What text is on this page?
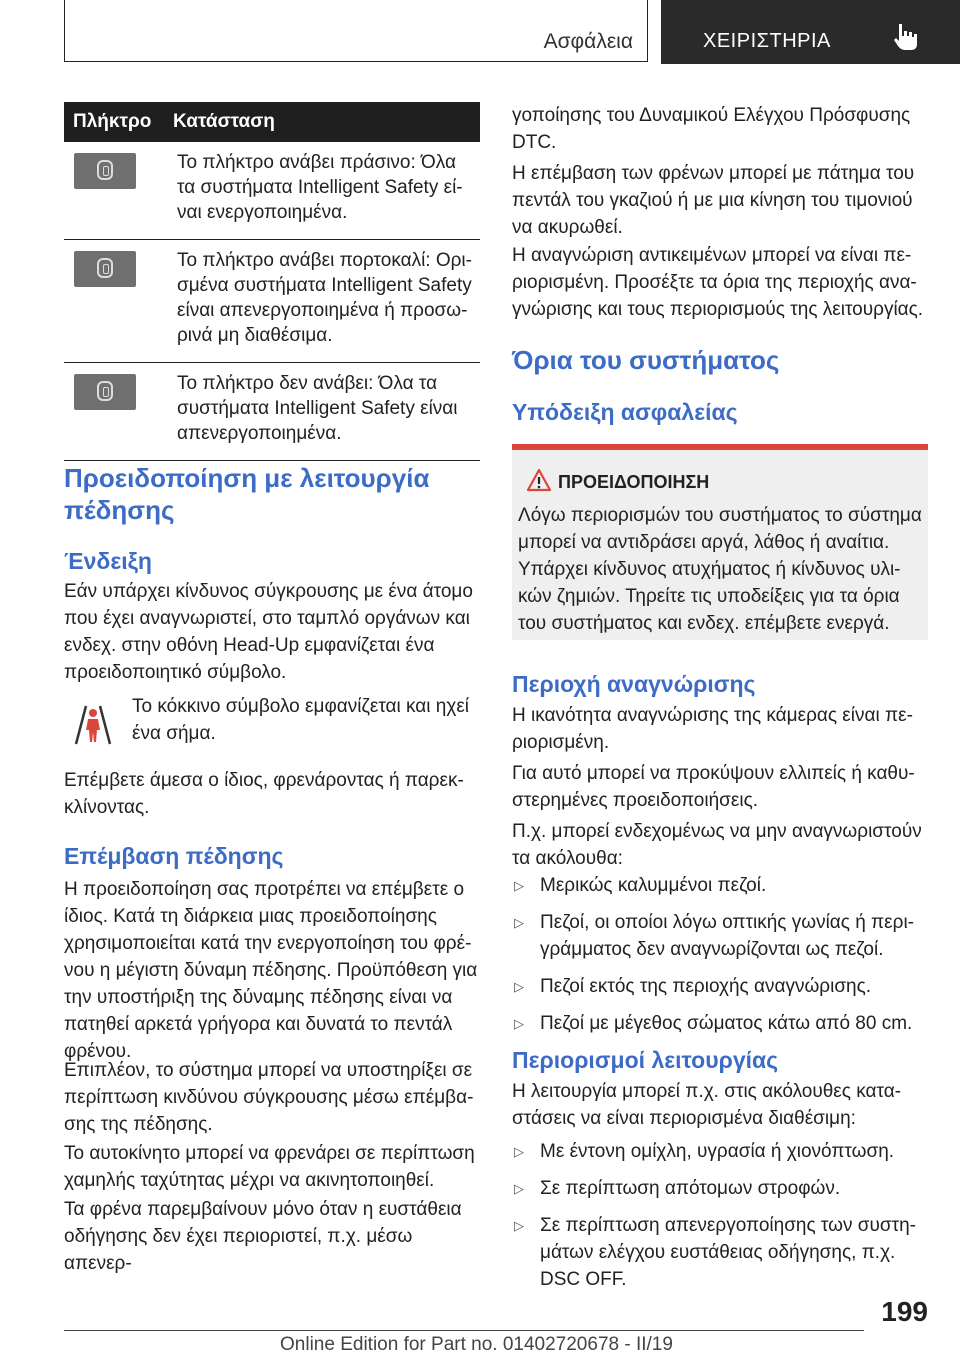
Ασφάλεια	ΧΕΙΡΙΣΤΗΡΙΑ
Πλήκτρο	Κατάσταση

	Το πλήκτρο ανάβει πράσινο: Όλα τα συστήματα Intelligent Safety εί-ναι ενεργοποιημένα.

	Το πλήκτρο ανάβει πορτοκαλί: Ορι-σμένα συστήματα Intelligent Safety είναι απενεργοποιημένα ή προσω-ρινά μη διαθέσιμα.

	Το πλήκτρο δεν ανάβει: Όλα τα συστήματα Intelligent Safety είναι απενεργοποιημένα.
Προειδοποίηση με λειτουργία πέδησης
Ένδειξη

Εάν υπάρχει κίνδυνος σύγκρουσης με ένα άτομο που έχει αναγνωριστεί, στο ταμπλό οργάνων και ενδεχ. στην οθόνη Head-Up εμφανίζεται ένα προειδοποιητικό σύμβολο.

Το κόκκινο σύμβολο εμφανίζεται και ηχεί ένα σήμα.

Επέμβετε άμεσα ο ίδιος, φρενάροντας ή παρεκ-κλίνοντας.

Επέμβαση πέδησης

Η προειδοποίηση σας προτρέπει να επέμβετε ο ίδιος. Κατά τη διάρκεια μιας προειδοποίησης χρησιμοποιείται κατά την ενεργοποίηση του φρέ-νου η μέγιστη δύναμη πέδησης. Προϋπόθεση για την υποστήριξη της δύναμης πέδησης είναι να πατηθεί αρκετά γρήγορα και δυνατά το πεντάλ φρένου.

Επιπλέον, το σύστημα μπορεί να υποστηρίξει σε περίπτωση κινδύνου σύγκρουσης μέσω επέμβα-σης της πέδησης.

Το αυτοκίνητο μπορεί να φρενάρει σε περίπτωση χαμηλής ταχύτητας μέχρι να ακινητοποιηθεί.

Τα φρένα παρεμβαίνουν μόνο όταν η ευστάθεια οδήγησης δεν έχει περιοριστεί, π.χ. μέσω απενερ-

γοποίησης του Δυναμικού Ελέγχου Πρόσφυσης DTC.

Η επέμβαση των φρένων μπορεί με πάτημα του πεντάλ του γκαζιού ή με μια κίνηση του τιμονιού να ακυρωθεί.

Η αναγνώριση αντικειμένων μπορεί να είναι πε-ριορισμένη. Προσέξτε τα όρια της περιοχής ανα-γνώρισης και τους περιορισμούς της λειτουργίας.

Όρια του συστήματος
Υπόδειξη ασφαλείας
ΠΡΟΕΙΔΟΠΟΙΗΣΗ
Λόγω περιορισμών του συστήματος το σύστημα μπορεί να αντιδράσει αργά, λάθος ή αναίτια. Υπάρχει κίνδυνος ατυχήματος ή κίνδυνος υλι-κών ζημιών. Τηρείτε τις υποδείξεις για τα όρια του συστήματος και ενδεχ. επέμβετε ενεργά.
Περιοχή αναγνώρισης

Η ικανότητα αναγνώρισης της κάμερας είναι πε-ριορισμένη.

Για αυτό μπορεί να προκύψουν ελλιπείς ή καθυ-στερημένες προειδοποιήσεις.

Π.χ. μπορεί ενδεχομένως να μην αναγνωριστούν τα ακόλουθα:

▷ Μερικώς καλυμμένοι πεζοί.
▷ Πεζοί, οι οποίοι λόγω οπτικής γωνίας ή περι-γράμματος δεν αναγνωρίζονται ως πεζοί.
▷ Πεζοί εκτός της περιοχής αναγνώρισης.
▷ Πεζοί με μέγεθος σώματος κάτω από 80 cm.
Περιορισμοί λειτουργίας

Η λειτουργία μπορεί π.χ. στις ακόλουθες κατα-στάσεις να είναι περιορισμένα διαθέσιμη:

▷ Με έντονη ομίχλη, υγρασία ή χιονόπτωση.
▷ Σε περίπτωση απότομων στροφών.
▷ Σε περίπτωση απενεργοποίησης των συστη-μάτων ελέγχου ευστάθειας οδήγησης, π.χ. DSC OFF.
199
Online Edition for Part no. 01402720678 - II/19
